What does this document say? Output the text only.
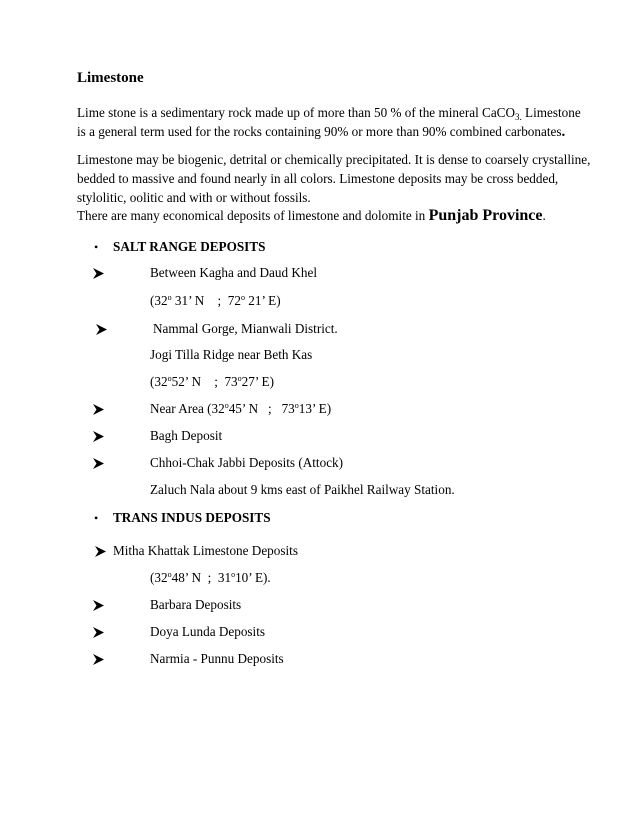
Limestone
Lime stone is a sedimentary rock made up of more than 50 % of the mineral CaCO$_{3.}$ Limestone
is a general term used for the rocks containing 90% or more than 90% combined carbonates.
Limestone may be biogenic, detrital or chemically precipitated. It is dense to coarsely crystalline,
bedded to massive and found nearly in all colors. Limestone deposits may be cross bedded,
stylolitic, oolitic and with or without fossils.
There are many economical deposits of limestone and dolomite in Punjab Province.
• SALT RANGE DEPOSITS
Between Kagha and Daud Khel
(32$^o$ 31’ N    ;  72$^o$ 21’ E)
Nammal Gorge, Mianwali District.
Jogi Tilla Ridge near Beth Kas
(32$^o$52’ N    ;  73$^o$27’ E)
Near Area (32$^o$45’ N   ;   73$^o$13’ E)
Bagh Deposit
Chhoi-Chak Jabbi Deposits (Attock)
Zaluch Nala about 9 kms east of Paikhel Railway Station.
• TRANS INDUS DEPOSITS
Mitha Khattak Limestone Deposits
(32$^o$48’ N  ;  31$^o$10’ E).
Barbara Deposits
Doya Lunda Deposits
Narmia - Punnu Deposits
